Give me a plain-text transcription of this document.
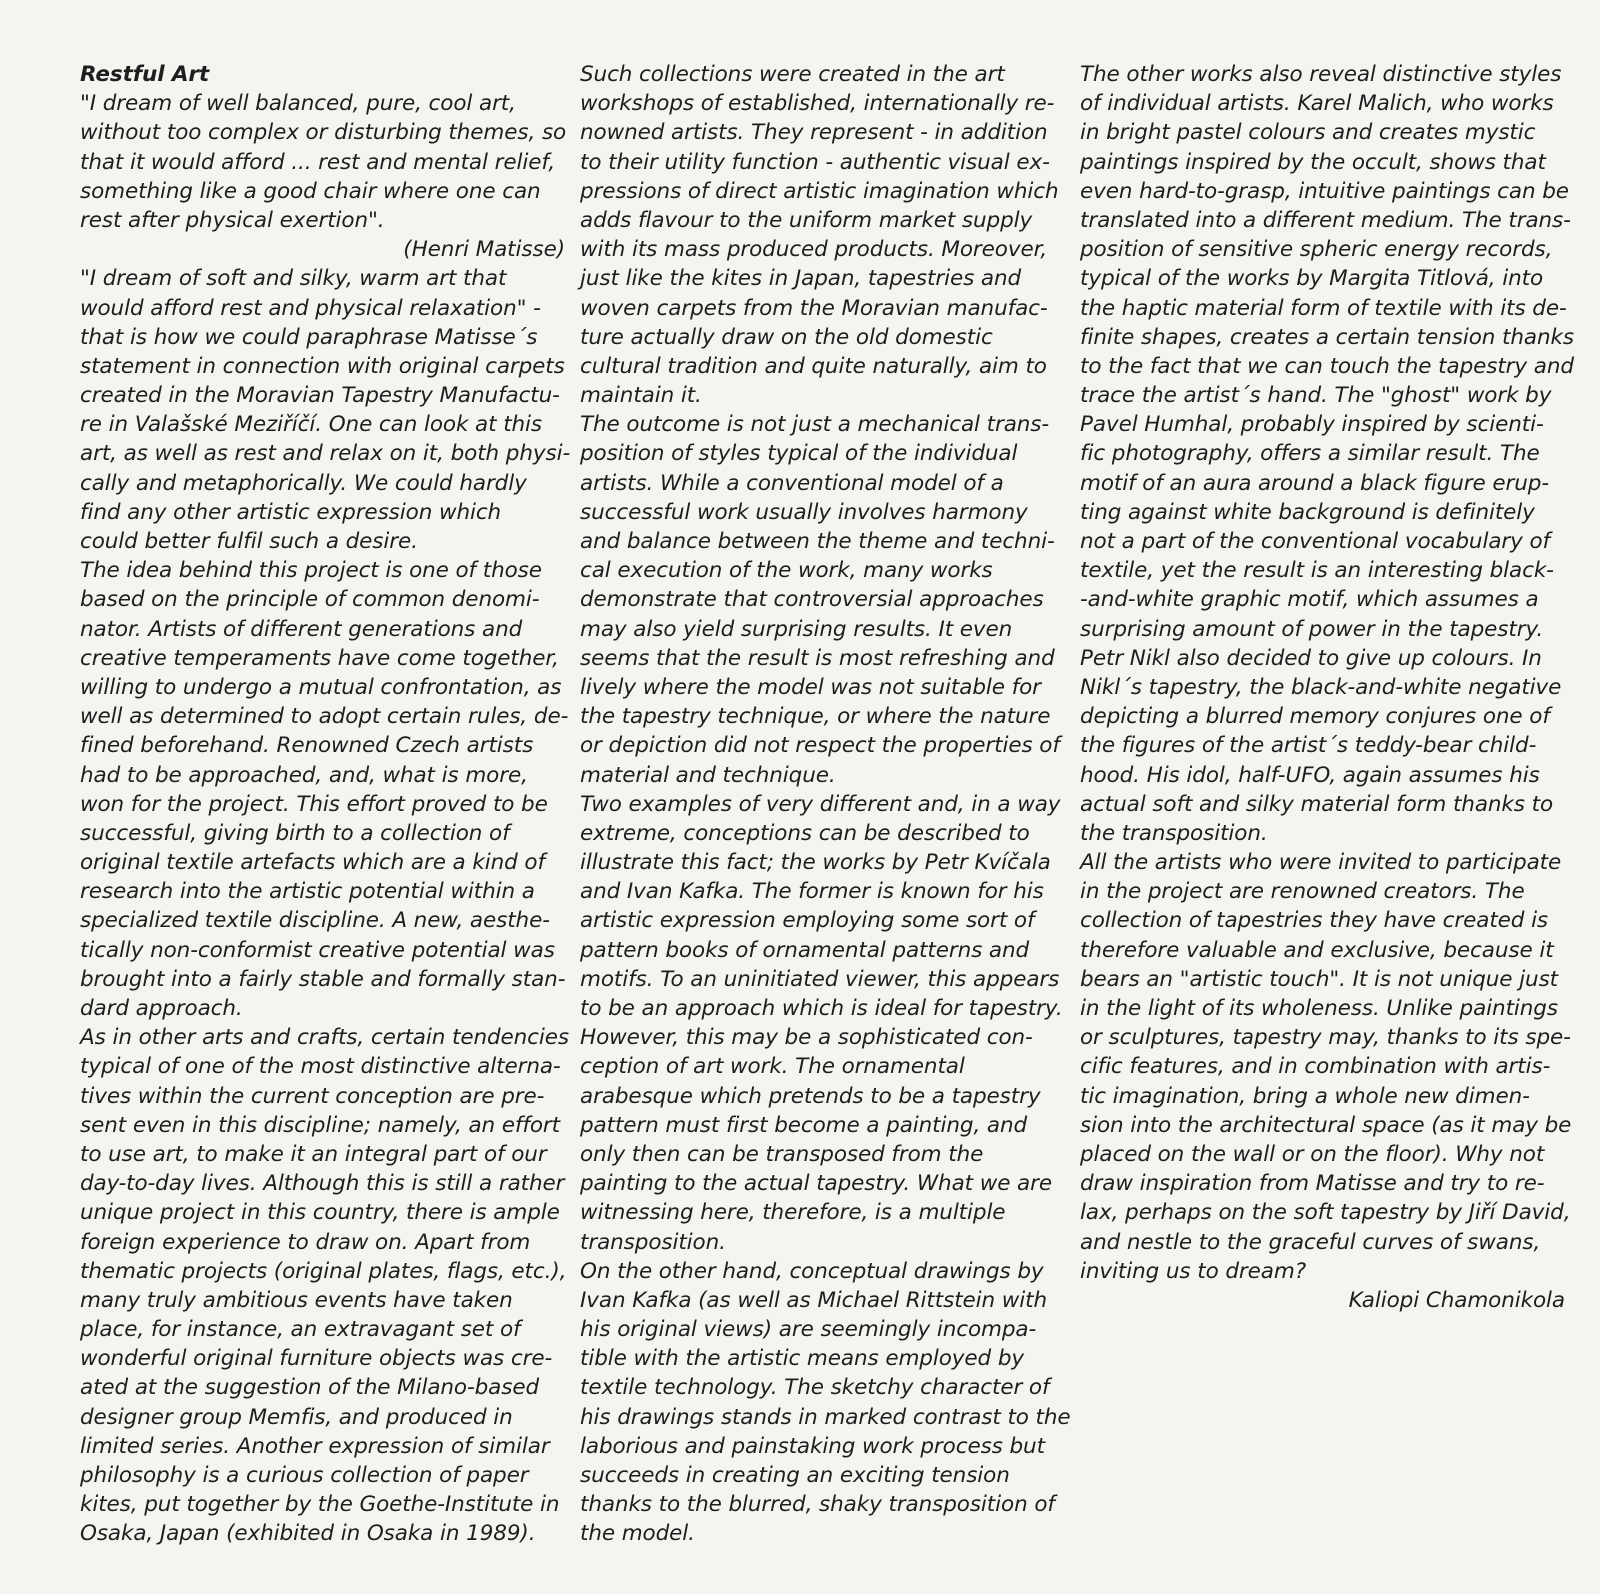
Restful Art
"I dream of well balanced, pure, cool art,
without too complex or disturbing themes, so
that it would afford ... rest and mental relief,
something like a good chair where one can
rest after physical exertion".
(Henri Matisse)
"I dream of soft and silky, warm art that
would afford rest and physical relaxation" -
that is how we could paraphrase Matisse´s
statement in connection with original carpets
created in the Moravian Tapestry Manufactu-
re in Valašské Meziříčí. One can look at this
art, as well as rest and relax on it, both physi-
cally and metaphorically. We could hardly
find any other artistic expression which
could better fulfil such a desire.
The idea behind this project is one of those
based on the principle of common denomi-
nator. Artists of different generations and
creative temperaments have come together,
willing to undergo a mutual confrontation, as
well as determined to adopt certain rules, de-
fined beforehand. Renowned Czech artists
had to be approached, and, what is more,
won for the project. This effort proved to be
successful, giving birth to a collection of
original textile artefacts which are a kind of
research into the artistic potential within a
specialized textile discipline. A new, aesthe-
tically non-conformist creative potential was
brought into a fairly stable and formally stan-
dard approach.
As in other arts and crafts, certain tendencies
typical of one of the most distinctive alterna-
tives within the current conception are pre-
sent even in this discipline; namely, an effort
to use art, to make it an integral part of our
day-to-day lives. Although this is still a rather
unique project in this country, there is ample
foreign experience to draw on. Apart from
thematic projects (original plates, flags, etc.),
many truly ambitious events have taken
place, for instance, an extravagant set of
wonderful original furniture objects was cre-
ated at the suggestion of the Milano-based
designer group Memfis, and produced in
limited series. Another expression of similar
philosophy is a curious collection of paper
kites, put together by the Goethe-Institute in
Osaka, Japan (exhibited in Osaka in 1989).
Such collections were created in the art
workshops of established, internationally re-
nowned artists. They represent - in addition
to their utility function - authentic visual ex-
pressions of direct artistic imagination which
adds flavour to the uniform market supply
with its mass produced products. Moreover,
just like the kites in Japan, tapestries and
woven carpets from the Moravian manufac-
ture actually draw on the old domestic
cultural tradition and quite naturally, aim to
maintain it.
The outcome is not just a mechanical trans-
position of styles typical of the individual
artists. While a conventional model of a
successful work usually involves harmony
and balance between the theme and techni-
cal execution of the work, many works
demonstrate that controversial approaches
may also yield surprising results. It even
seems that the result is most refreshing and
lively where the model was not suitable for
the tapestry technique, or where the nature
or depiction did not respect the properties of
material and technique.
Two examples of very different and, in a way
extreme, conceptions can be described to
illustrate this fact; the works by Petr Kvíčala
and Ivan Kafka. The former is known for his
artistic expression employing some sort of
pattern books of ornamental patterns and
motifs. To an uninitiated viewer, this appears
to be an approach which is ideal for tapestry.
However, this may be a sophisticated con-
ception of art work. The ornamental
arabesque which pretends to be a tapestry
pattern must first become a painting, and
only then can be transposed from the
painting to the actual tapestry. What we are
witnessing here, therefore, is a multiple
transposition.
On the other hand, conceptual drawings by
Ivan Kafka (as well as Michael Rittstein with
his original views) are seemingly incompa-
tible with the artistic means employed by
textile technology. The sketchy character of
his drawings stands in marked contrast to the
laborious and painstaking work process but
succeeds in creating an exciting tension
thanks to the blurred, shaky transposition of
the model.
The other works also reveal distinctive styles
of individual artists. Karel Malich, who works
in bright pastel colours and creates mystic
paintings inspired by the occult, shows that
even hard-to-grasp, intuitive paintings can be
translated into a different medium. The trans-
position of sensitive spheric energy records,
typical of the works by Margita Titlová, into
the haptic material form of textile with its de-
finite shapes, creates a certain tension thanks
to the fact that we can touch the tapestry and
trace the artist´s hand. The "ghost" work by
Pavel Humhal, probably inspired by scienti-
fic photography, offers a similar result. The
motif of an aura around a black figure erup-
ting against white background is definitely
not a part of the conventional vocabulary of
textile, yet the result is an interesting black-
-and-white graphic motif, which assumes a
surprising amount of power in the tapestry.
Petr Nikl also decided to give up colours. In
Nikl´s tapestry, the black-and-white negative
depicting a blurred memory conjures one of
the figures of the artist´s teddy-bear child-
hood. His idol, half-UFO, again assumes his
actual soft and silky material form thanks to
the transposition.
All the artists who were invited to participate
in the project are renowned creators. The
collection of tapestries they have created is
therefore valuable and exclusive, because it
bears an "artistic touch". It is not unique just
in the light of its wholeness. Unlike paintings
or sculptures, tapestry may, thanks to its spe-
cific features, and in combination with artis-
tic imagination, bring a whole new dimen-
sion into the architectural space (as it may be
placed on the wall or on the floor). Why not
draw inspiration from Matisse and try to re-
lax, perhaps on the soft tapestry by Jiří David,
and nestle to the graceful curves of swans,
inviting us to dream?
Kaliopi Chamonikola
